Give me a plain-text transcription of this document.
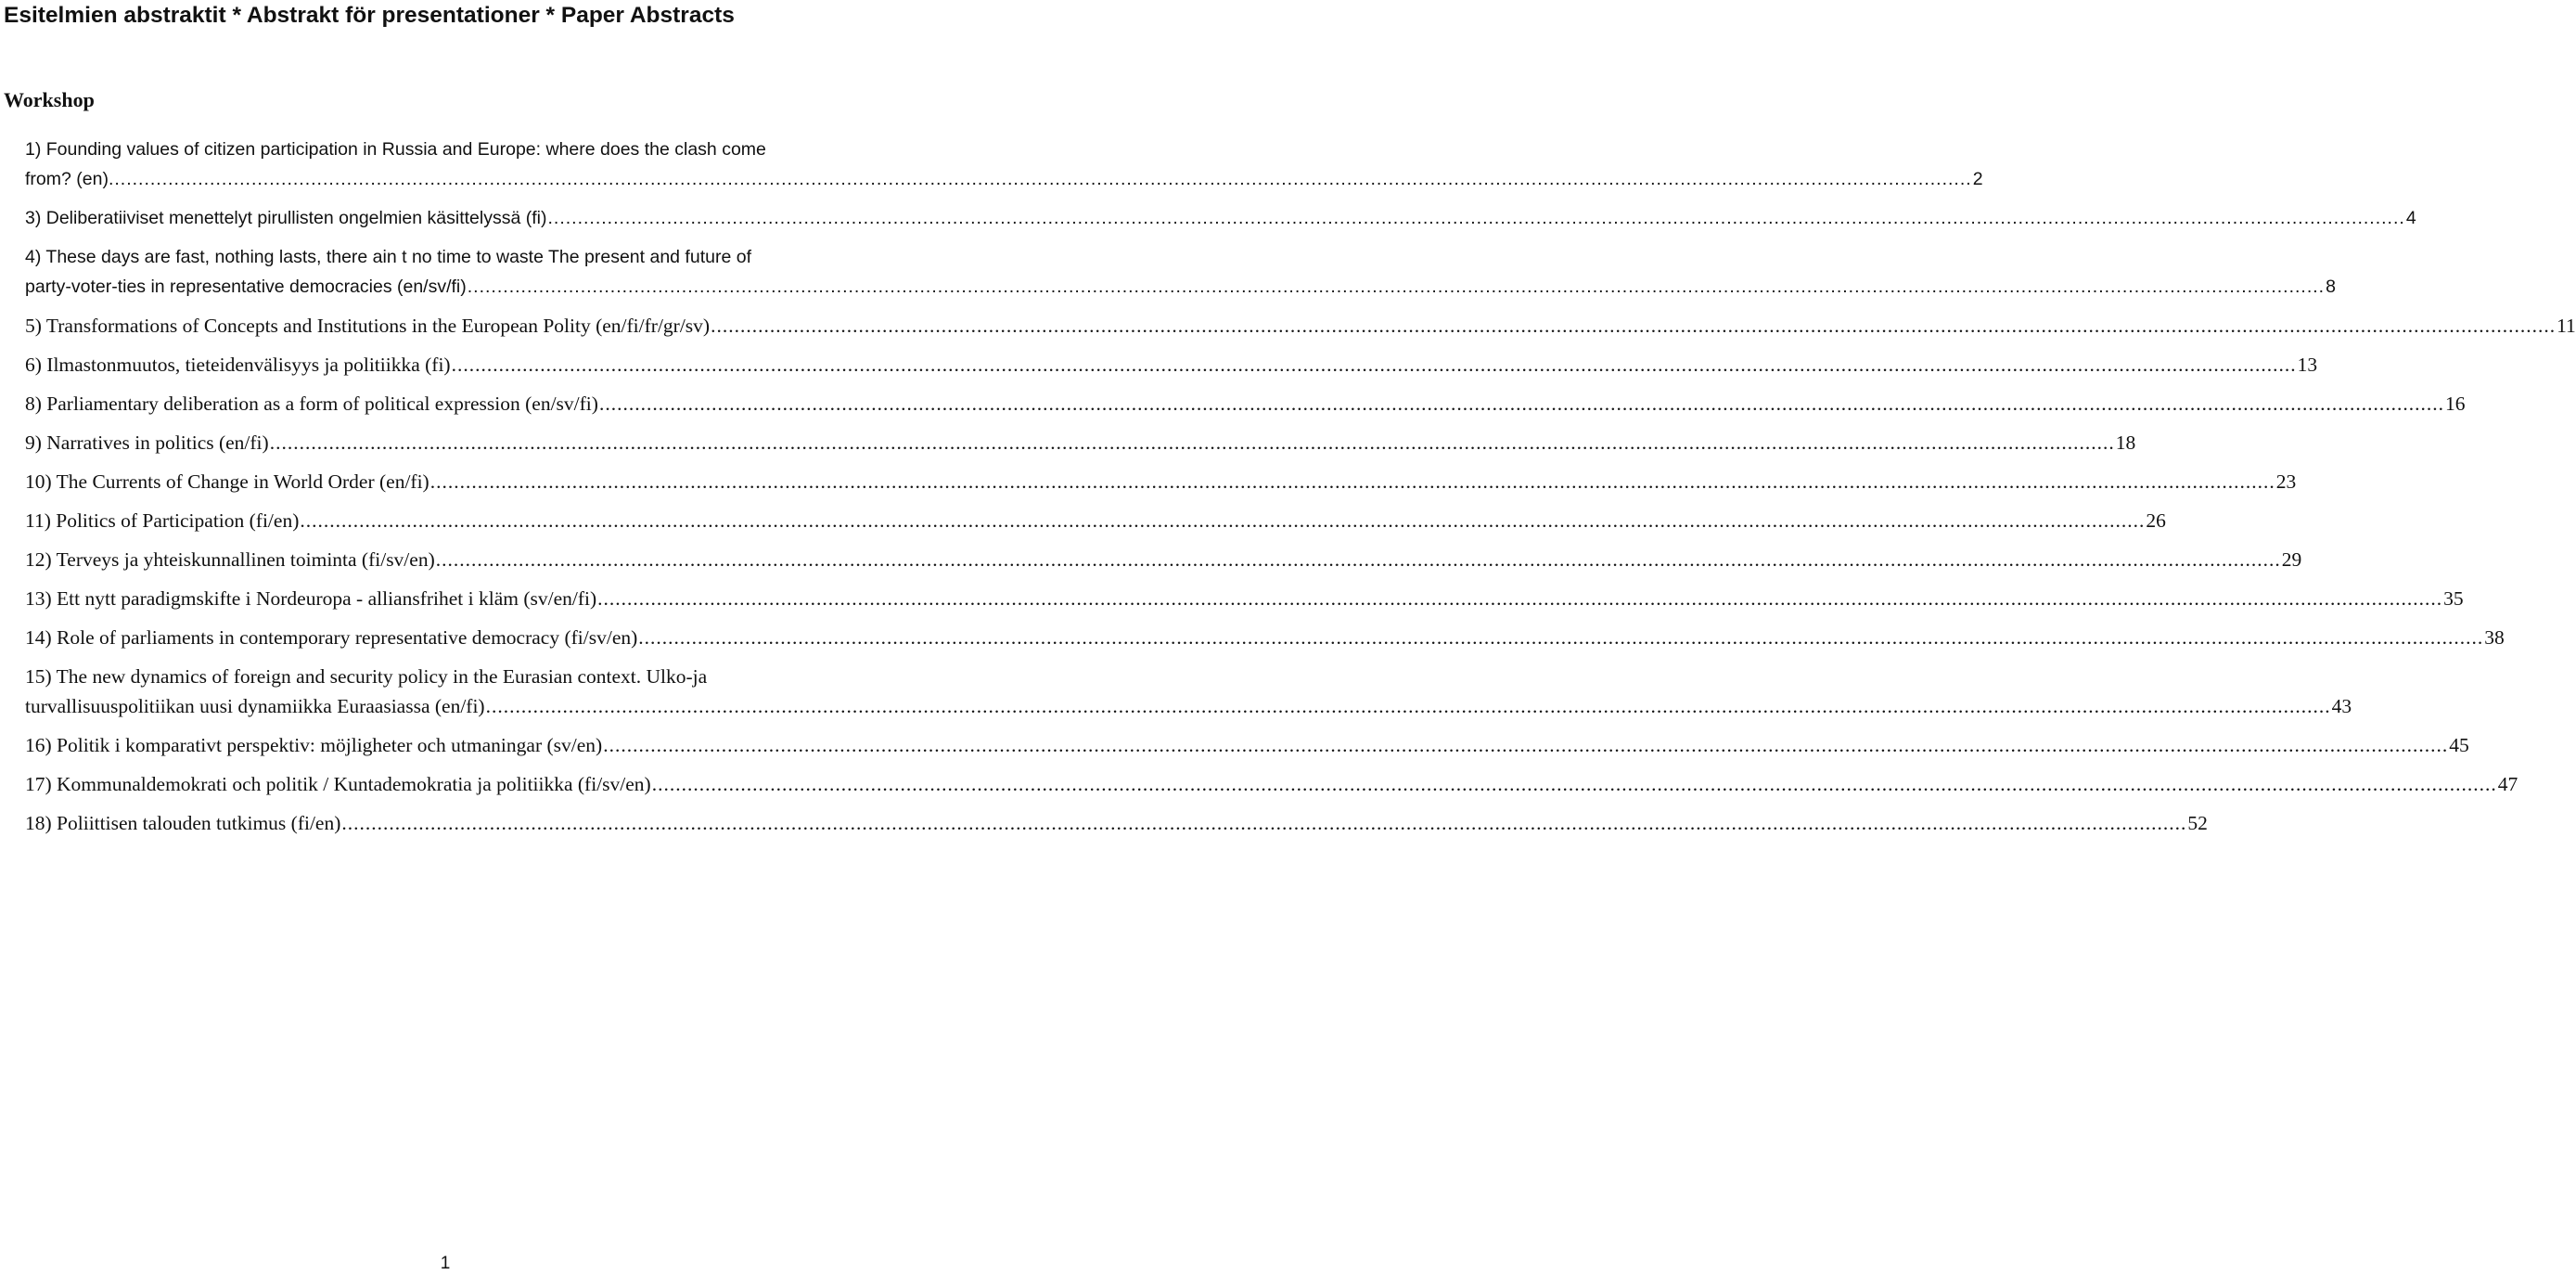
Esitelmien abstraktit * Abstrakt för presentationer * Paper Abstracts
Workshop
1) Founding values of citizen participation in Russia and Europe: where does the clash come
from? (en). .....	2
3) Deliberatiiviset menettelyt pirullisten ongelmien käsittelyssä (fi) .....	4
4) These days are fast, nothing lasts, there ain t no time to waste The present and future of
party-voter-ties in representative democracies (en/sv/fi) .....	8
5) Transformations of Concepts and Institutions in the European Polity (en/fi/fr/gr/sv) .....	11
6) Ilmastonmuutos, tieteidenvälisyys ja politiikka (fi) .....	13
8) Parliamentary deliberation as a form of political expression (en/sv/fi) .....	16
9) Narratives in politics (en/fi) .....	18
10) The Currents of Change in World Order (en/fi) .....	23
11) Politics of Participation (fi/en) .....	26
12) Terveys ja yhteiskunnallinen toiminta (fi/sv/en) .....	29
13) Ett nytt paradigmskifte i Nordeuropa - alliansfrihet i kläm (sv/en/fi) .....	35
14) Role of parliaments in contemporary representative democracy (fi/sv/en) .....	38
15) The new dynamics of foreign and security policy in the Eurasian context. Ulko-ja
turvallisuuspolitiikan uusi dynamiikka Euraasiassa (en/fi) .....	43
16) Politik i komparativt perspektiv: möjligheter och utmaningar (sv/en) .....	45
17) Kommunaldemokrati och politik / Kuntademokratia ja politiikka (fi/sv/en) .....	47
18) Poliittisen talouden tutkimus (fi/en) .....	52
1
